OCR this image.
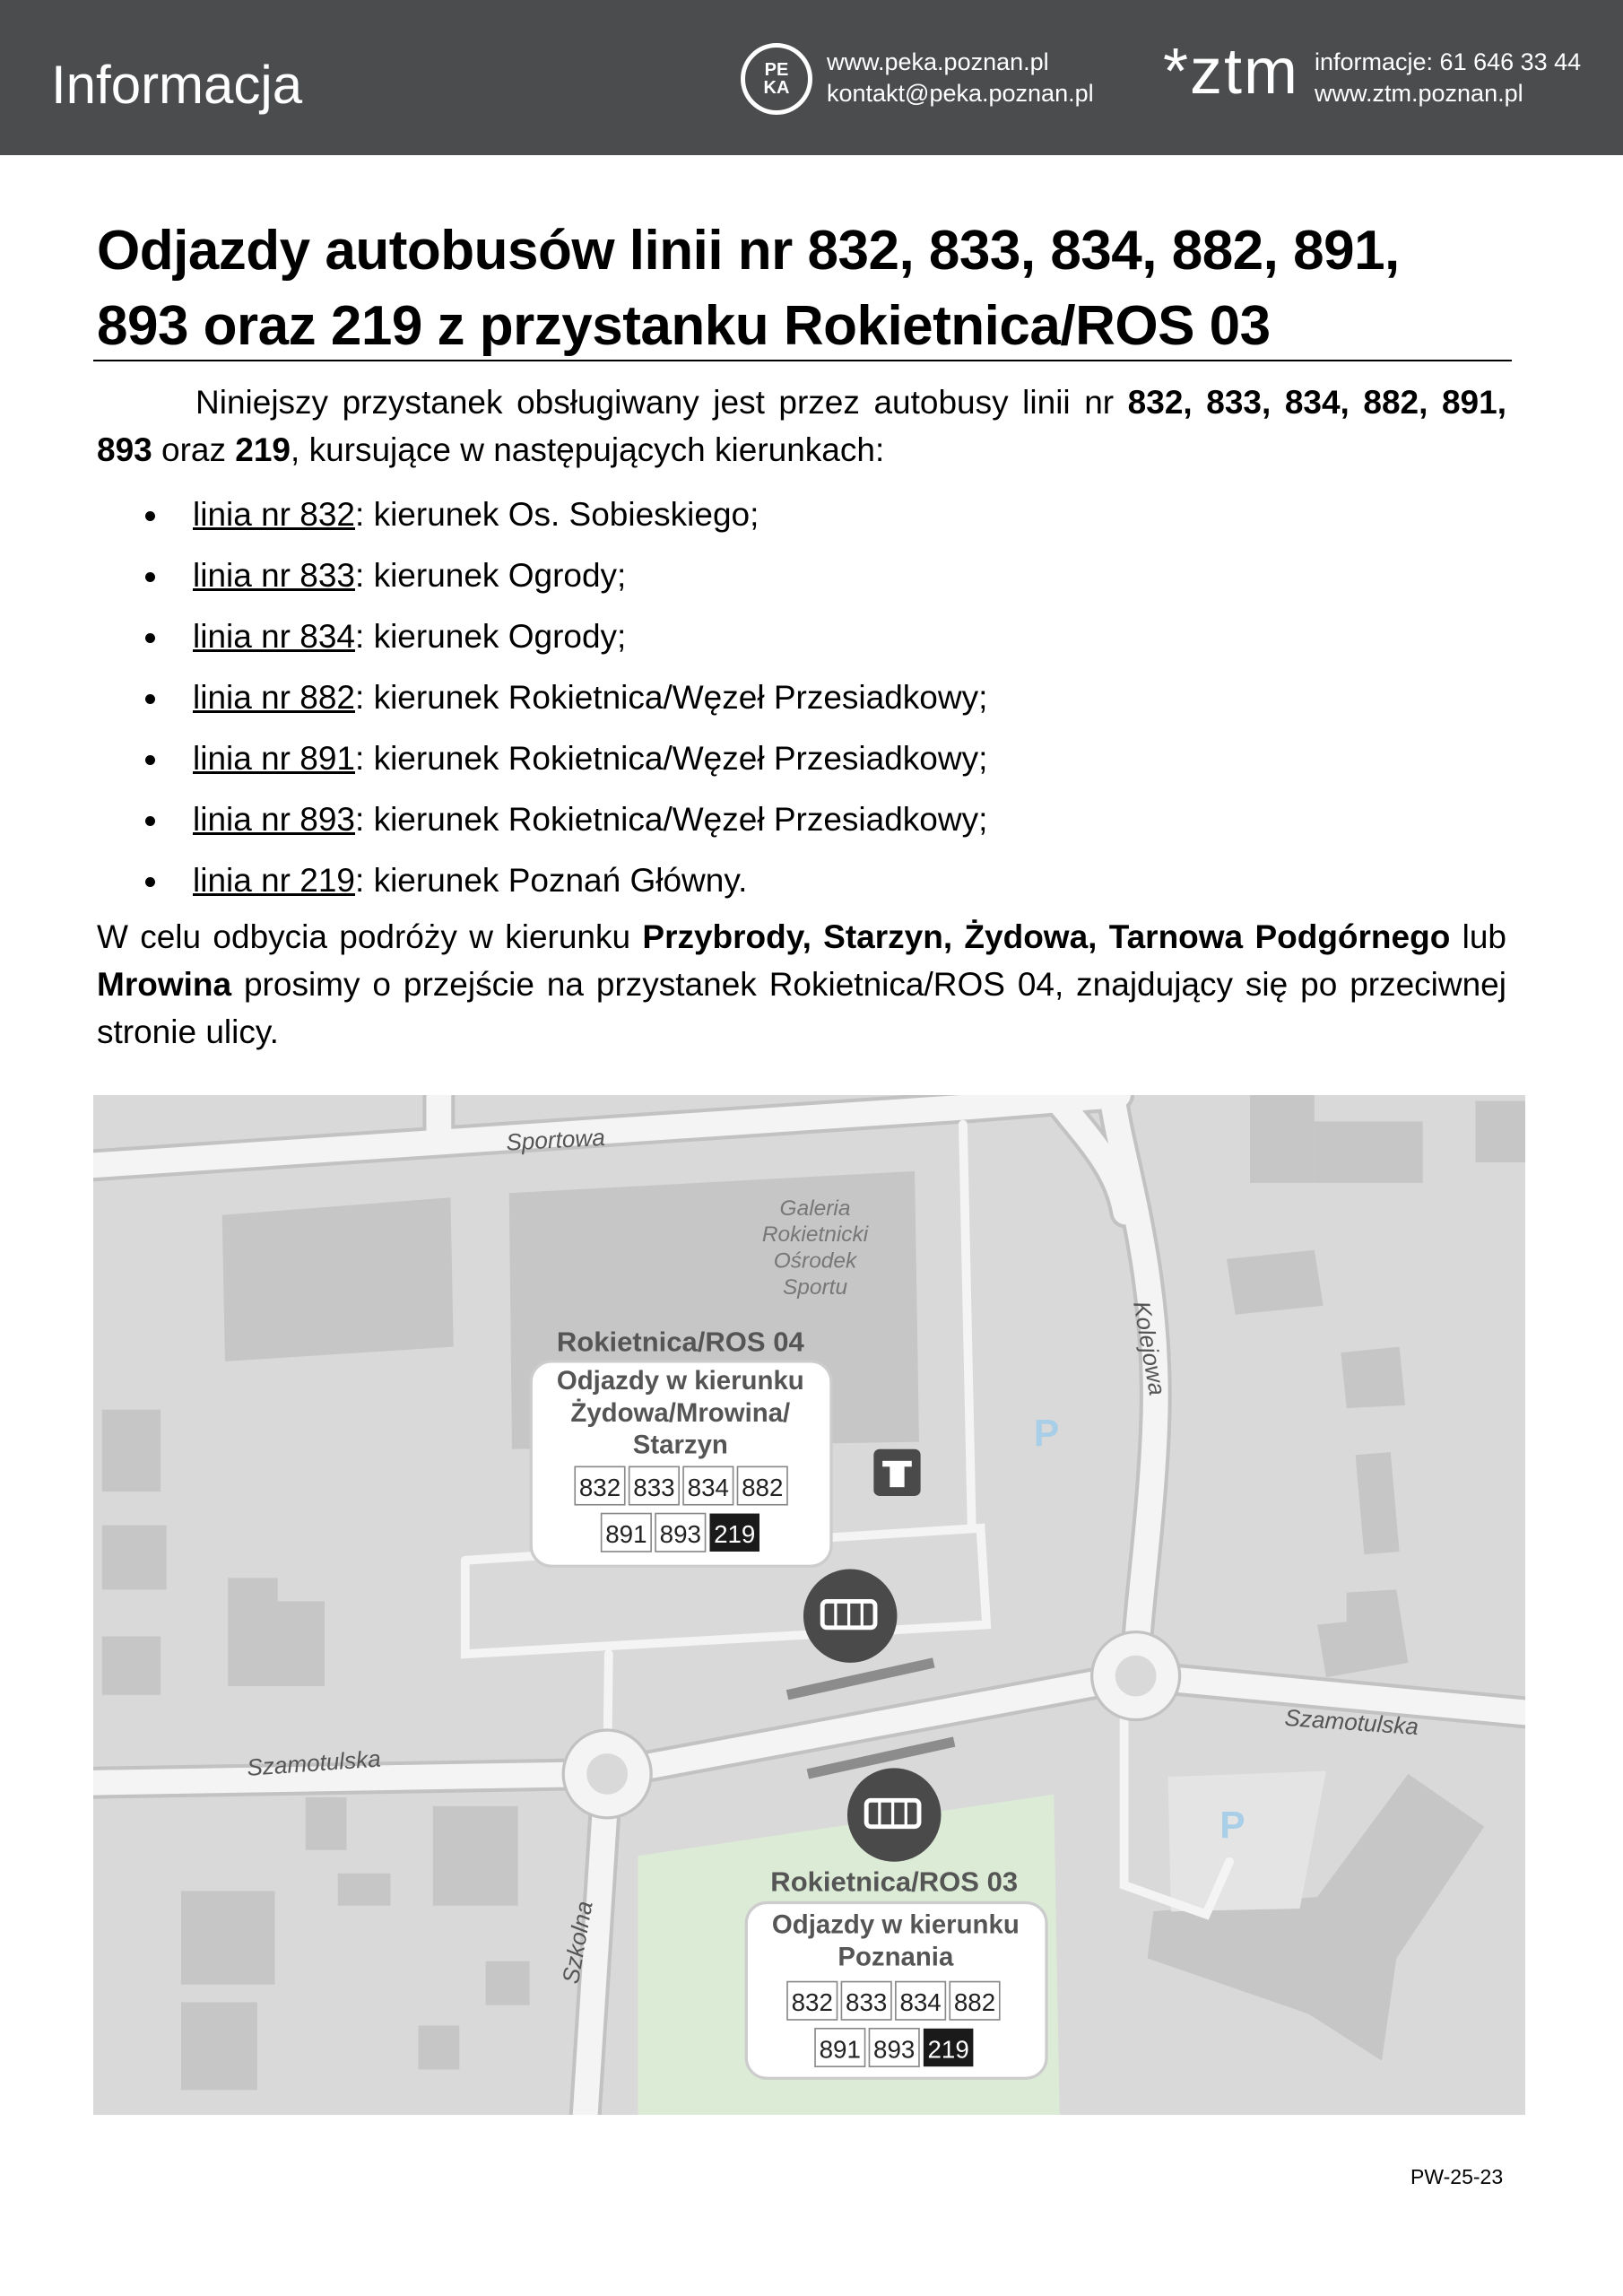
Informacja	PE
KA
www.peka.poznan.pl
kontakt@peka.poznan.pl *ztm informacje: 61 646 33 44
www.ztm.poznan.pl
Odjazdy autobusów linii nr 832, 833, 834, 882, 891,
893 oraz 219 z przystanku Rokietnica/ROS 03
Niniejszy przystanek obsługiwany jest przez autobusy linii nr 832, 833, 834, 882, 891, 893 oraz 219, kursujące w następujących kierunkach:
linia nr 832: kierunek Os. Sobieskiego;
linia nr 833: kierunek Ogrody;
linia nr 834: kierunek Ogrody;
linia nr 882: kierunek Rokietnica/Węzeł Przesiadkowy;
linia nr 891: kierunek Rokietnica/Węzeł Przesiadkowy;
linia nr 893: kierunek Rokietnica/Węzeł Przesiadkowy;
linia nr 219: kierunek Poznań Główny.
W celu odbycia podróży w kierunku Przybrody, Starzyn, Żydowa, Tarnowa Podgórnego lub Mrowina prosimy o przejście na przystanek Rokietnica/ROS 04, znajdujący się po przeciwnej stronie ulicy.
Sportowa
Kolejowa
Szamotulska
Szamotulska
Szkolna
Galeria
Rokietnicki
Ośrodek
Sportu
P
P
Rokietnica/ROS 04
Odjazdy w kierunku
Żydowa/Mrowina/
Starzyn
832 833 834 882
891 893 219
Rokietnica/ROS 03
Odjazdy w kierunku
Poznania
832 833 834 882
891 893 219
PW-25-23
